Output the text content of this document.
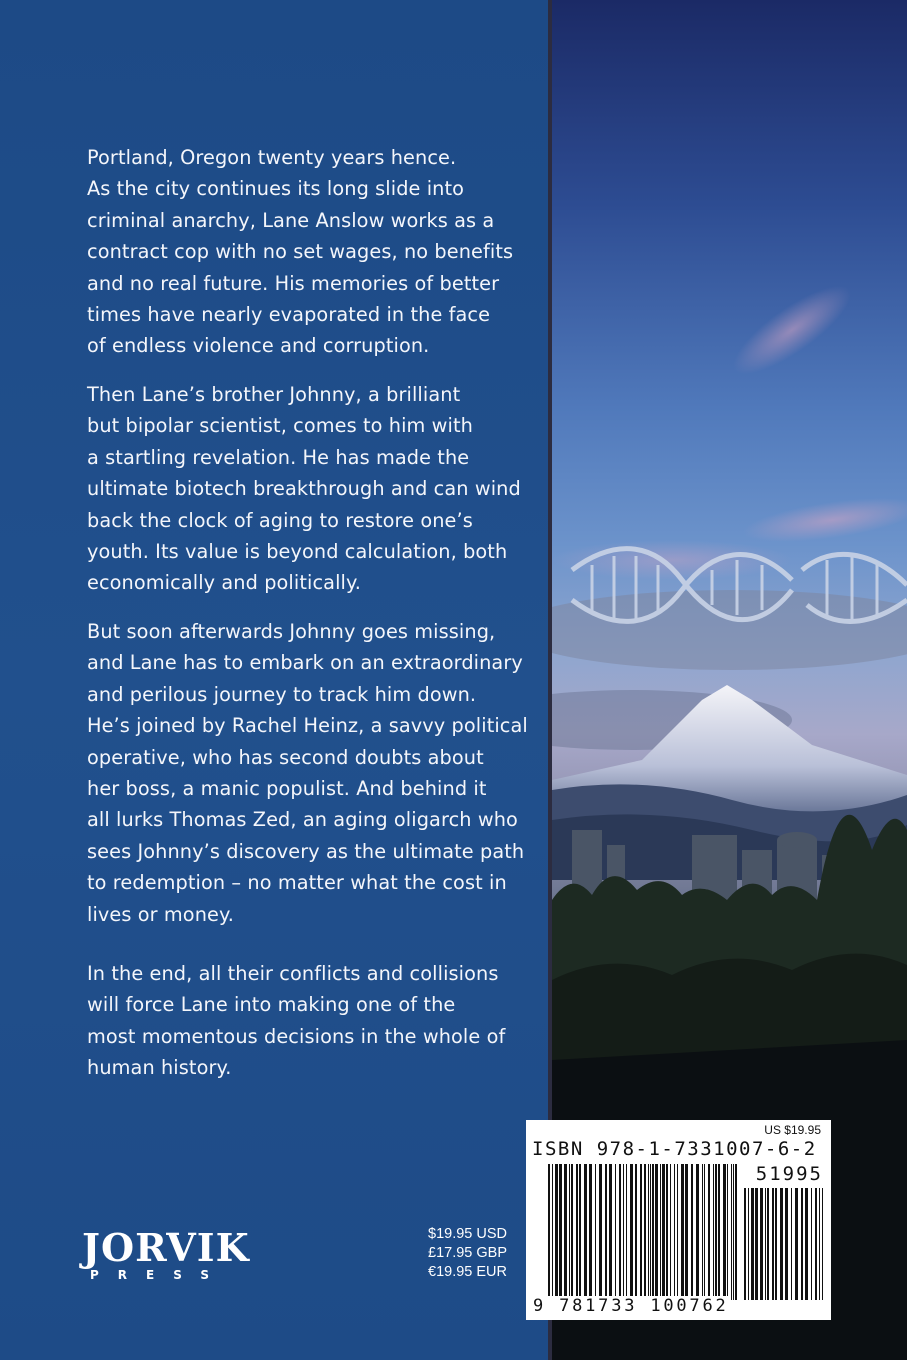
Portland, Oregon twenty years hence.
As the city continues its long slide into
criminal anarchy, Lane Anslow works as a
contract cop with no set wages, no benefits
and no real future. His memories of better
times have nearly evaporated in the face
of endless violence and corruption.
Then Lane’s brother Johnny, a brilliant
but bipolar scientist, comes to him with
a startling revelation. He has made the
ultimate biotech breakthrough and can wind
back the clock of aging to restore one’s
youth. Its value is beyond calculation, both
economically and politically.
But soon afterwards Johnny goes missing,
and Lane has to embark on an extraordinary
and perilous journey to track him down.
He’s joined by Rachel Heinz, a savvy political
operative, who has second doubts about
her boss, a manic populist. And behind it
all lurks Thomas Zed, an aging oligarch who
sees Johnny’s discovery as the ultimate path
to redemption – no matter what the cost in
lives or money.
In the end, all their conflicts and collisions
will force Lane into making one of the
most momentous decisions in the whole of
human history.
JORVIK
PRESS
$19.95 USD
£17.95 GBP
€19.95 EUR
US $19.95
ISBN 978-1-7331007-6-2
51995
9 781733 100762
